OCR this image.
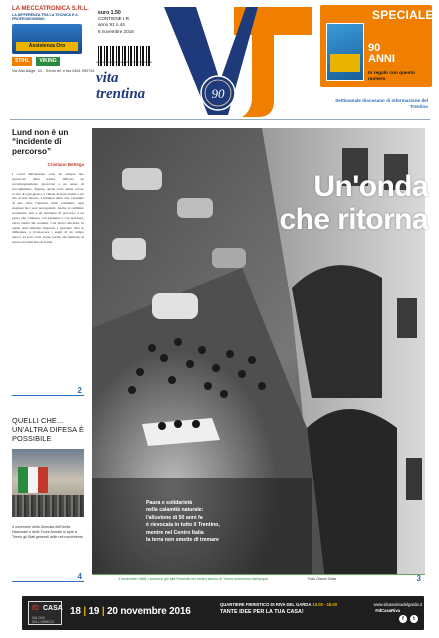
LA MECCATRONICA S.R.L.
LA DIFFERENZA TRA LA TECNICA E IL PROFESSIONISMO
Assistenza Oro
STIHL	VIKING
Via Alto Adige, 34 - Trento tel. e fax 0461 990734
euro 1.50
CONTIENE I.R.
anno 91 n.44
6 novembre 2016
settimanale spedizione abbonamento postale
90
vita
trentina
SPECIALE
90
ANNI
In regalo con questo numero
Settimanale diocesano di informazione del Trentino
Lund non è un “incidente di percorso”
Cristiano Bettega

I colori dell'autunno sono da sempre uno spettacolo della natura. Offrono un accompagnamento piacevole e un senso di raccoglimento. Eppure, anche sotto questi colori, la vita di ogni giorno ci chiede di stare attenti a ciò che accade intorno. L'autunno della vita, l'autunno di una città, l'autunno delle comunità: ogni stagione ha i suoi protagonisti. Anche il cammino ecumenico non è un incidente di percorso: è un passo che continua, con pazienza e con speranza, verso l'unità dei credenti. Con molta sincerità, in questi anni abbiamo imparato a guardare oltre le differenze, a riconoscere i segni di un tempo nuovo. Ci sono volti, storie, parole che meritano di essere ascoltati fino in fondo.

2
QUELLI CHE... UN'ALTRA DIFESA È POSSIBILE

4 novembre nella Giornata dell'Unità Nazionale e delle Forze Armate si apre a Trento gli Stati generali delle reti nonviolente.

4
Un'onda
che ritorna
Paura e solidarietà
nella calamità naturale:
l'alluvione di 50 anni fa
è rievocata in tutto il Trentino,
mentre nel Centro Italia
la terra non smette di tremare
4 novembre 1966: i soccorsi giù alla Rotonda nel centro storico di Trento sommerso dall'acqua	Foto Gianni Zotta	3
ID CASA
SALONE DELL'ARREDO
18 | 19 | 20 novembre 2016
QUARTIERE FIERISTICO DI RIVA DEL GARDA 10.00 - 18.00
TANTE IDEE PER LA TUA CASA!
www.idcasarivadelgarda.it
#IdCasaRiva
f	t
